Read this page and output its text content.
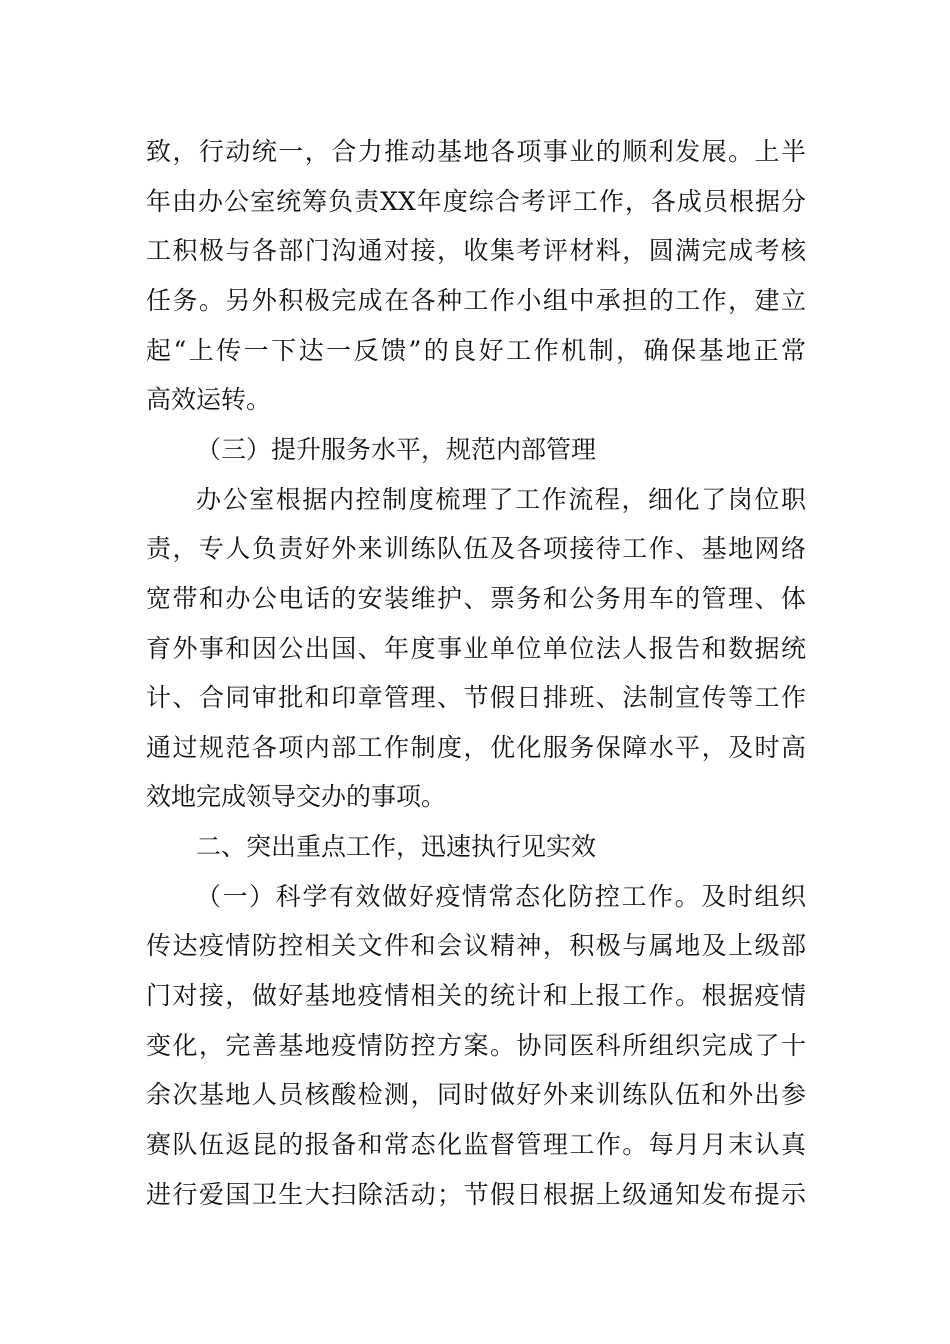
致，行动统一，合力推动基地各项事业的顺利发展。上半
年由办公室统筹负责XX年度综合考评工作，各成员根据分
工积极与各部门沟通对接，收集考评材料，圆满完成考核
任务。另外积极完成在各种工作小组中承担的工作，建立
起“上传一下达一反馈”的良好工作机制，确保基地正常
高效运转。
（三）提升服务水平，规范内部管理
办公室根据内控制度梳理了工作流程，细化了岗位职
责，专人负责好外来训练队伍及各项接待工作、基地网络
宽带和办公电话的安装维护、票务和公务用车的管理、体
育外事和因公出国、年度事业单位单位法人报告和数据统
计、合同审批和印章管理、节假日排班、法制宣传等工作
通过规范各项内部工作制度，优化服务保障水平，及时高
效地完成领导交办的事项。
二、突出重点工作，迅速执行见实效
（一）科学有效做好疫情常态化防控工作。及时组织
传达疫情防控相关文件和会议精神，积极与属地及上级部
门对接，做好基地疫情相关的统计和上报工作。根据疫情
变化，完善基地疫情防控方案。协同医科所组织完成了十
余次基地人员核酸检测，同时做好外来训练队伍和外出参
赛队伍返昆的报备和常态化监督管理工作。每月月末认真
进行爱国卫生大扫除活动；节假日根据上级通知发布提示
